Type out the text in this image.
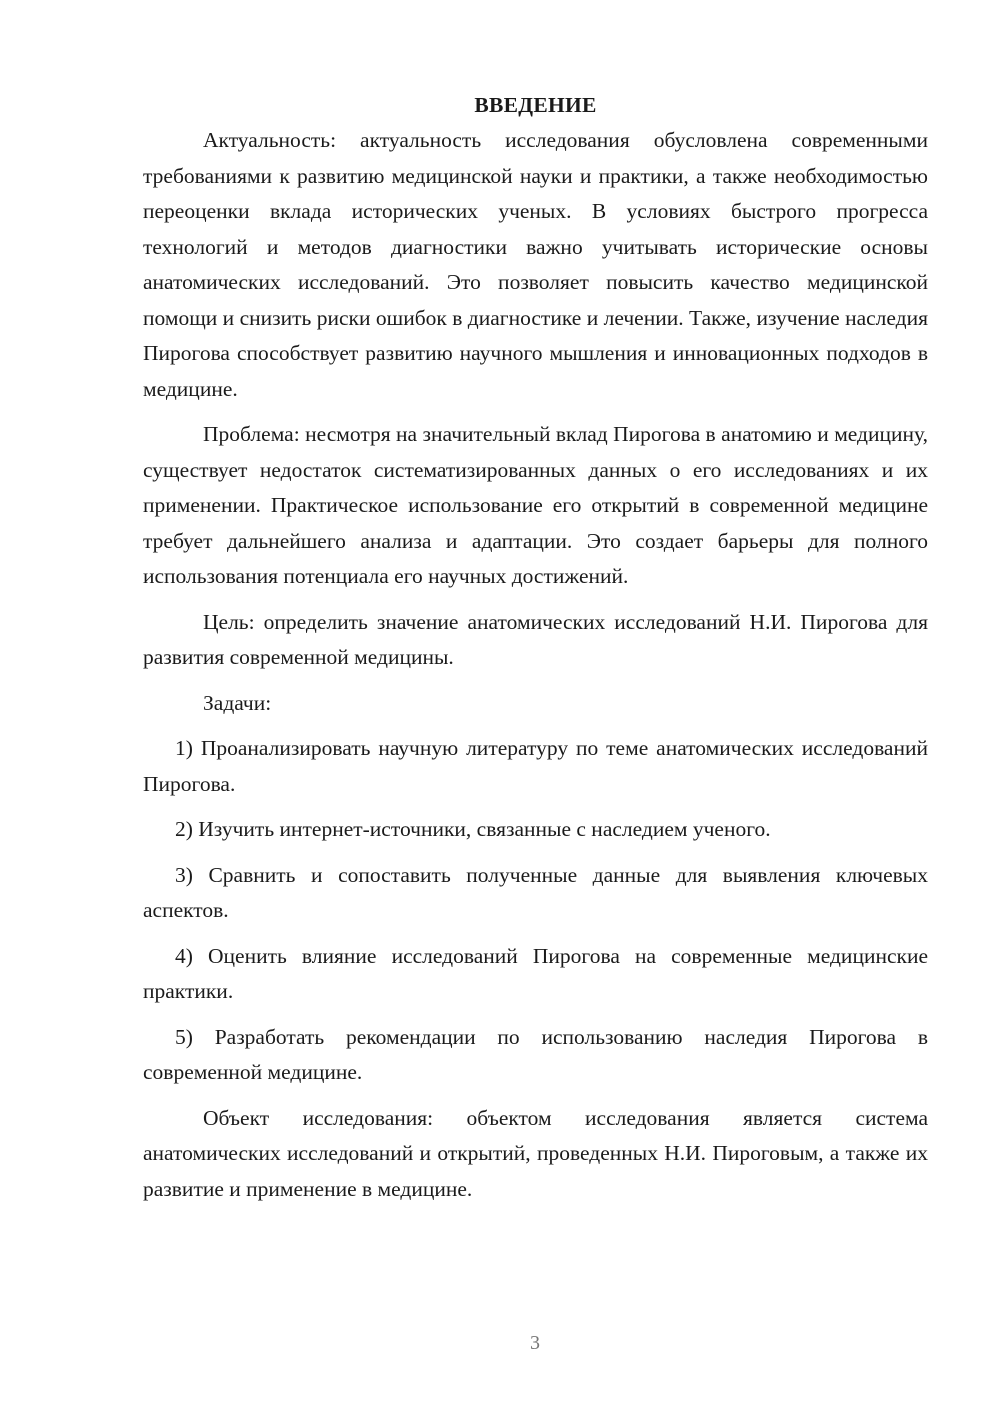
ВВЕДЕНИЕ

Актуальность: актуальность исследования обусловлена современными требованиями к развитию медицинской науки и практики, а также необходимостью переоценки вклада исторических ученых. В условиях быстрого прогресса технологий и методов диагностики важно учитывать исторические основы анатомических исследований. Это позволяет повысить качество медицинской помощи и снизить риски ошибок в диагностике и лечении. Также, изучение наследия Пирогова способствует развитию научного мышления и инновационных подходов в медицине.

Проблема: несмотря на значительный вклад Пирогова в анатомию и медицину, существует недостаток систематизированных данных о его исследованиях и их применении. Практическое использование его открытий в современной медицине требует дальнейшего анализа и адаптации. Это создает барьеры для полного использования потенциала его научных достижений.

Цель: определить значение анатомических исследований Н.И. Пирогова для развития современной медицины.

Задачи:

1) Проанализировать научную литературу по теме анатомических исследований Пирогова.

2) Изучить интернет-источники, связанные с наследием ученого.

3) Сравнить и сопоставить полученные данные для выявления ключевых аспектов.

4) Оценить влияние исследований Пирогова на современные медицинские практики.

5) Разработать рекомендации по использованию наследия Пирогова в современной медицине.

Объект исследования: объектом исследования является система анатомических исследований и открытий, проведенных Н.И. Пироговым, а также их развитие и применение в медицине.

3
